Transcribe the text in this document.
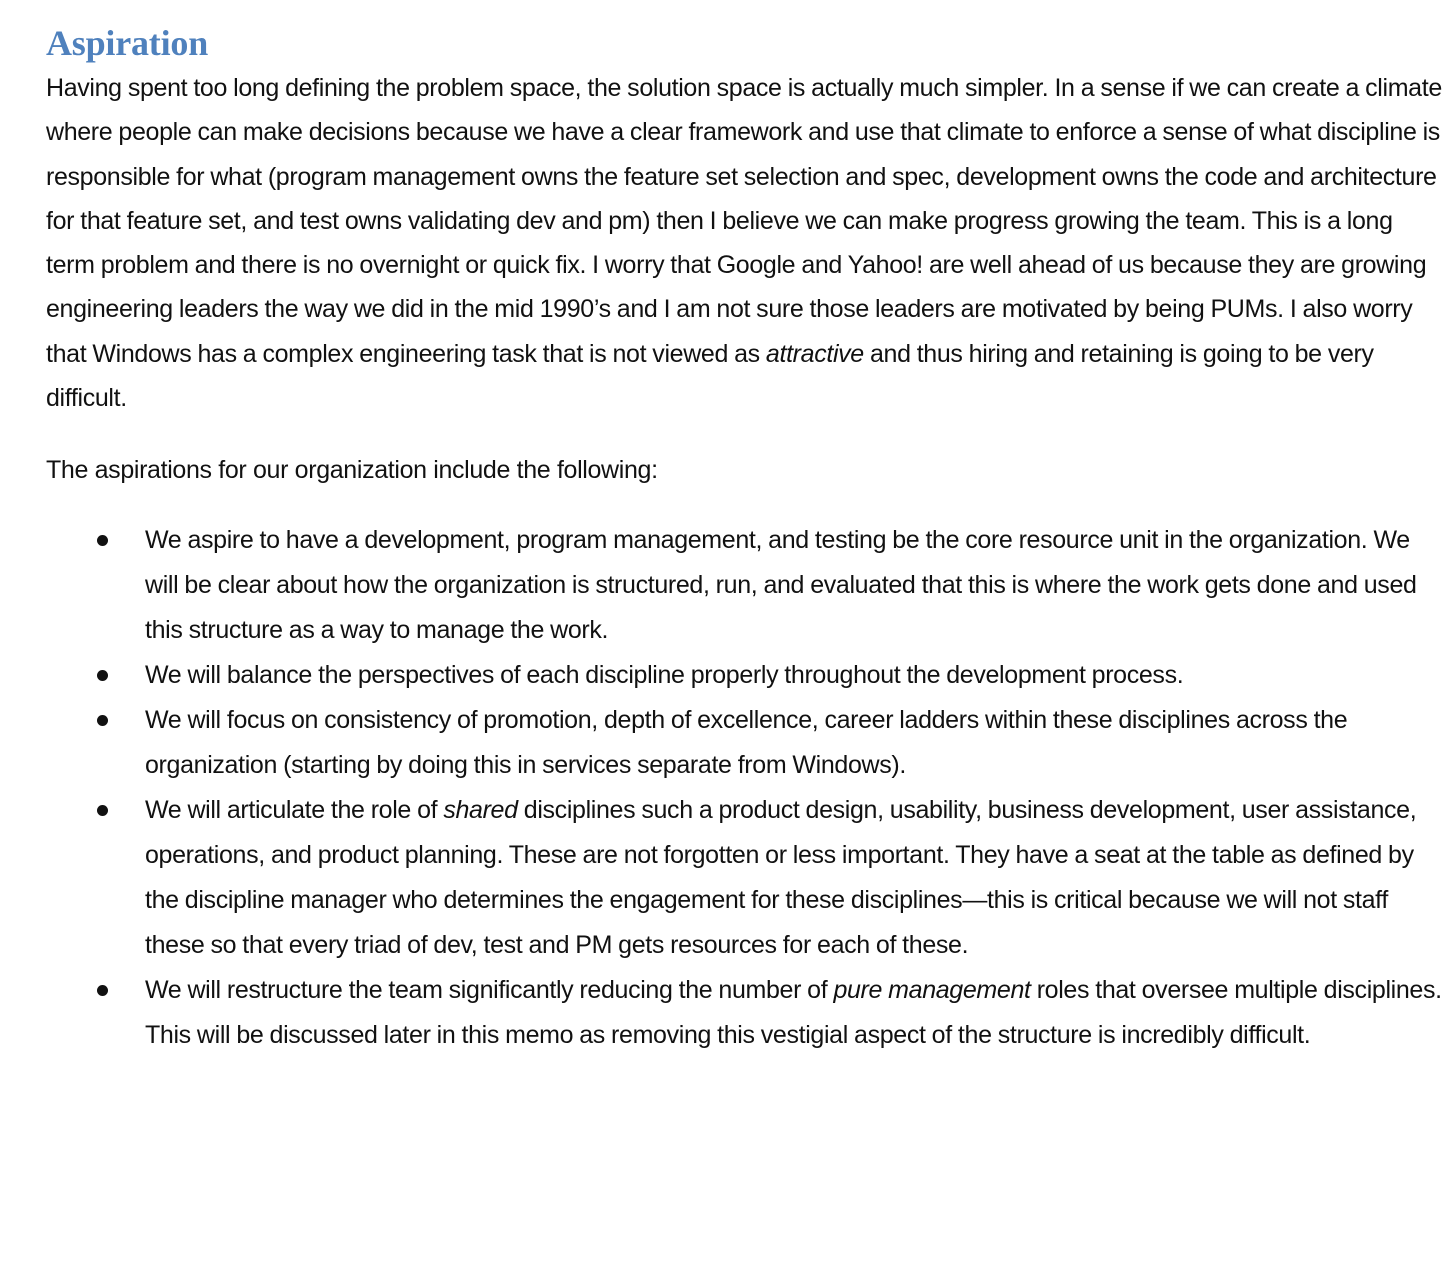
Aspiration

Having spent too long defining the problem space, the solution space is actually much simpler. In a sense if we can create a climate where people can make decisions because we have a clear framework and use that climate to enforce a sense of what discipline is responsible for what (program management owns the feature set selection and spec, development owns the code and architecture for that feature set, and test owns validating dev and pm) then I believe we can make progress growing the team. This is a long term problem and there is no overnight or quick fix. I worry that Google and Yahoo! are well ahead of us because they are growing engineering leaders the way we did in the mid 1990’s and I am not sure those leaders are motivated by being PUMs. I also worry that Windows has a complex engineering task that is not viewed as attractive and thus hiring and retaining is going to be very difficult.

The aspirations for our organization include the following:

We aspire to have a development, program management, and testing be the core resource unit in the organization. We will be clear about how the organization is structured, run, and evaluated that this is where the work gets done and used this structure as a way to manage the work.
We will balance the perspectives of each discipline properly throughout the development process.
We will focus on consistency of promotion, depth of excellence, career ladders within these disciplines across the organization (starting by doing this in services separate from Windows).
We will articulate the role of shared disciplines such a product design, usability, business development, user assistance, operations, and product planning. These are not forgotten or less important. They have a seat at the table as defined by the discipline manager who determines the engagement for these disciplines—this is critical because we will not staff these so that every triad of dev, test and PM gets resources for each of these.
We will restructure the team significantly reducing the number of pure management roles that oversee multiple disciplines. This will be discussed later in this memo as removing this vestigial aspect of the structure is incredibly difficult.
